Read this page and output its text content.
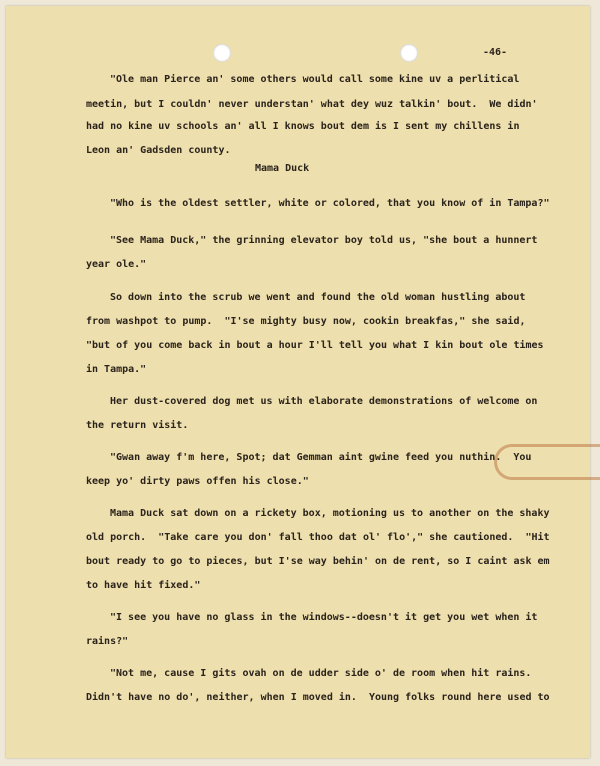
-46-
"Ole man Pierce an' some others would call some kine uv a perlitical
meetin, but I couldn' never understan' what dey wuz talkin' bout.  We didn'
had no kine uv schools an' all I knows bout dem is I sent my chillens in
Leon an' Gadsden county.
Mama Duck
"Who is the oldest settler, white or colored, that you know of in Tampa?"
"See Mama Duck," the grinning elevator boy told us, "she bout a hunnert
year ole."
So down into the scrub we went and found the old woman hustling about
from washpot to pump.  "I'se mighty busy now, cookin breakfas," she said,
"but of you come back in bout a hour I'll tell you what I kin bout ole times
in Tampa."
Her dust-covered dog met us with elaborate demonstrations of welcome on
the return visit.
"Gwan away f'm here, Spot; dat Gemman aint gwine feed you nuthin.  You
keep yo' dirty paws offen his close."
Mama Duck sat down on a rickety box, motioning us to another on the shaky
old porch.  "Take care you don' fall thoo dat ol' flo'," she cautioned.  "Hit
bout ready to go to pieces, but I'se way behin' on de rent, so I caint ask em
to have hit fixed."
"I see you have no glass in the windows--doesn't it get you wet when it
rains?"
"Not me, cause I gits ovah on de udder side o' de room when hit rains.
Didn't have no do', neither, when I moved in.  Young folks round here used to
